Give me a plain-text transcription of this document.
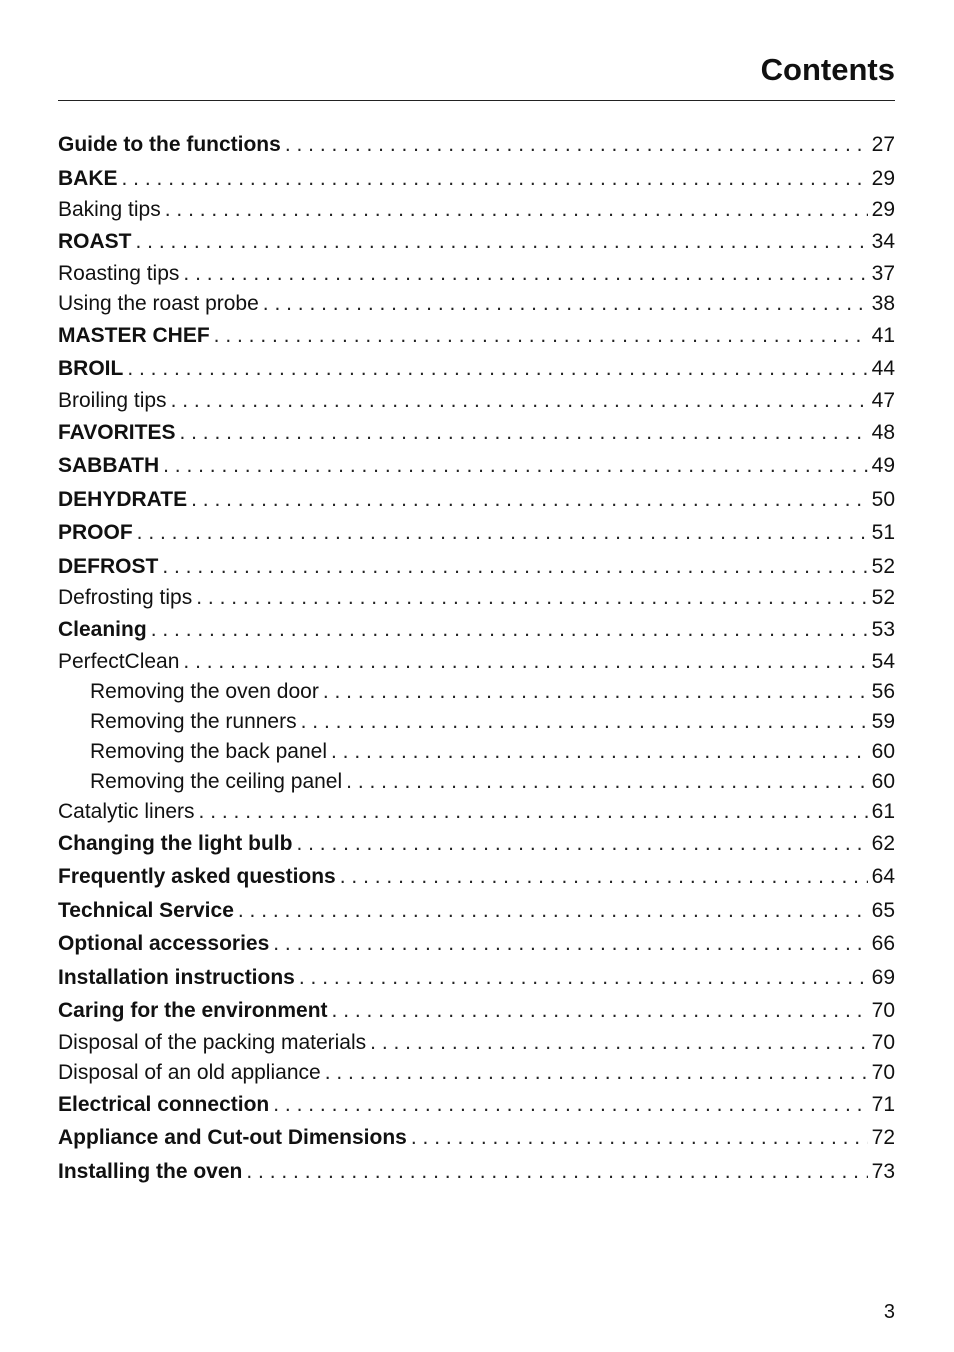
Contents
Guide to the functions . . .	27
BAKE . . .	29
Baking tips . . .	29
ROAST . . .	34
Roasting tips . . .	37
Using the roast probe . . .	38
MASTER CHEF . . .	41
BROIL . . .	44
Broiling tips . . .	47
FAVORITES . . .	48
SABBATH . . .	49
DEHYDRATE . . .	50
PROOF . . .	51
DEFROST . . .	52
Defrosting tips . . .	52
Cleaning . . .	53
PerfectClean . . .	54
Removing the oven door . . .	56
Removing the runners . . .	59
Removing the back panel . . .	60
Removing the ceiling panel . . .	60
Catalytic liners . . .	61
Changing the light bulb . . .	62
Frequently asked questions . . .	64
Technical Service . . .	65
Optional accessories . . .	66
Installation instructions . . .	69
Caring for the environment . . .	70
Disposal of the packing materials . . .	70
Disposal of an old appliance . . .	70
Electrical connection . . .	71
Appliance and Cut-out Dimensions . . .	72
Installing the oven . . .	73
3
